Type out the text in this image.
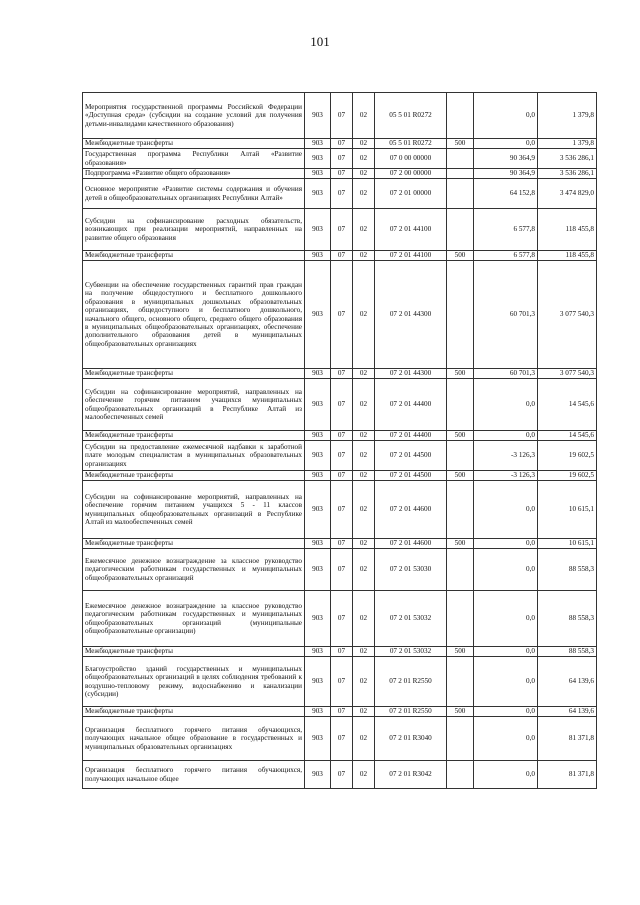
101
Мероприятия государственной программы Российской Федерации «Доступная среда» (субсидии на создание условий для получения детьми-инвалидами качественного образования)	903	07	02	05 5 01 R0272		0,0	1 379,8
Межбюджетные трансферты	903	07	02	05 5 01 R0272	500	0,0	1 379,8
Государственная программа Республики Алтай «Развитие образования»	903	07	02	07 0 00 00000		90 364,9	3 536 286,1
Подпрограмма «Развитие общего образования»	903	07	02	07 2 00 00000		90 364,9	3 536 286,1
Основное мероприятие «Развитие системы содержания и обучения детей в общеобразовательных организациях Республики Алтай»	903	07	02	07 2 01 00000		64 152,8	3 474 829,0
Субсидии на софинансирование расходных обязательств, возникающих при реализации мероприятий, направленных на развитие общего образования	903	07	02	07 2 01 44100		6 577,8	118 455,8
Межбюджетные трансферты	903	07	02	07 2 01 44100	500	6 577,8	118 455,8
Субвенции на обеспечение государственных гарантий прав граждан на получение общедоступного и бесплатного дошкольного образования в муниципальных дошкольных образовательных организациях, общедоступного и бесплатного дошкольного, начального общего, основного общего, среднего общего образования в муниципальных общеобразовательных организациях, обеспечение дополнительного образования детей в муниципальных общеобразовательных организациях	903	07	02	07 2 01 44300		60 701,3	3 077 540,3
Межбюджетные трансферты	903	07	02	07 2 01 44300	500	60 701,3	3 077 540,3
Субсидии на софинансирование мероприятий, направленных на обеспечение горячим питанием учащихся муниципальных общеобразовательных организаций в Республике Алтай из малообеспеченных семей	903	07	02	07 2 01 44400		0,0	14 545,6
Межбюджетные трансферты	903	07	02	07 2 01 44400	500	0,0	14 545,6
Субсидии на предоставление ежемесячной надбавки к заработной плате молодым специалистам в муниципальных образовательных организациях	903	07	02	07 2 01 44500		-3 126,3	19 602,5
Межбюджетные трансферты	903	07	02	07 2 01 44500	500	-3 126,3	19 602,5
Субсидии на софинансирование мероприятий, направленных на обеспечение горячим питанием учащихся 5 - 11 классов муниципальных общеобразовательных организаций в Республике Алтай из малообеспеченных семей	903	07	02	07 2 01 44600		0,0	10 615,1
Межбюджетные трансферты	903	07	02	07 2 01 44600	500	0,0	10 615,1
Ежемесячное денежное вознаграждение за классное руководство педагогическим работникам государственных и муниципальных общеобразовательных организаций	903	07	02	07 2 01 53030		0,0	88 558,3
Ежемесячное денежное вознаграждение за классное руководство педагогическим работникам государственных и муниципальных общеобразовательных организаций (муниципальные общеобразовательные организации)	903	07	02	07 2 01 53032		0,0	88 558,3
Межбюджетные трансферты	903	07	02	07 2 01 53032	500	0,0	88 558,3
Благоустройство зданий государственных и муниципальных общеобразовательных организаций в целях соблюдения требований к воздушно-тепловому режиму, водоснабжению и канализации (субсидии)	903	07	02	07 2 01 R2550		0,0	64 139,6
Межбюджетные трансферты	903	07	02	07 2 01 R2550	500	0,0	64 139,6
Организация бесплатного горячего питания обучающихся, получающих начальное общее образование в государственных и муниципальных образовательных организациях	903	07	02	07 2 01 R3040		0,0	81 371,8
Организация бесплатного горячего питания обучающихся, получающих начальное общее	903	07	02	07 2 01 R3042		0,0	81 371,8
